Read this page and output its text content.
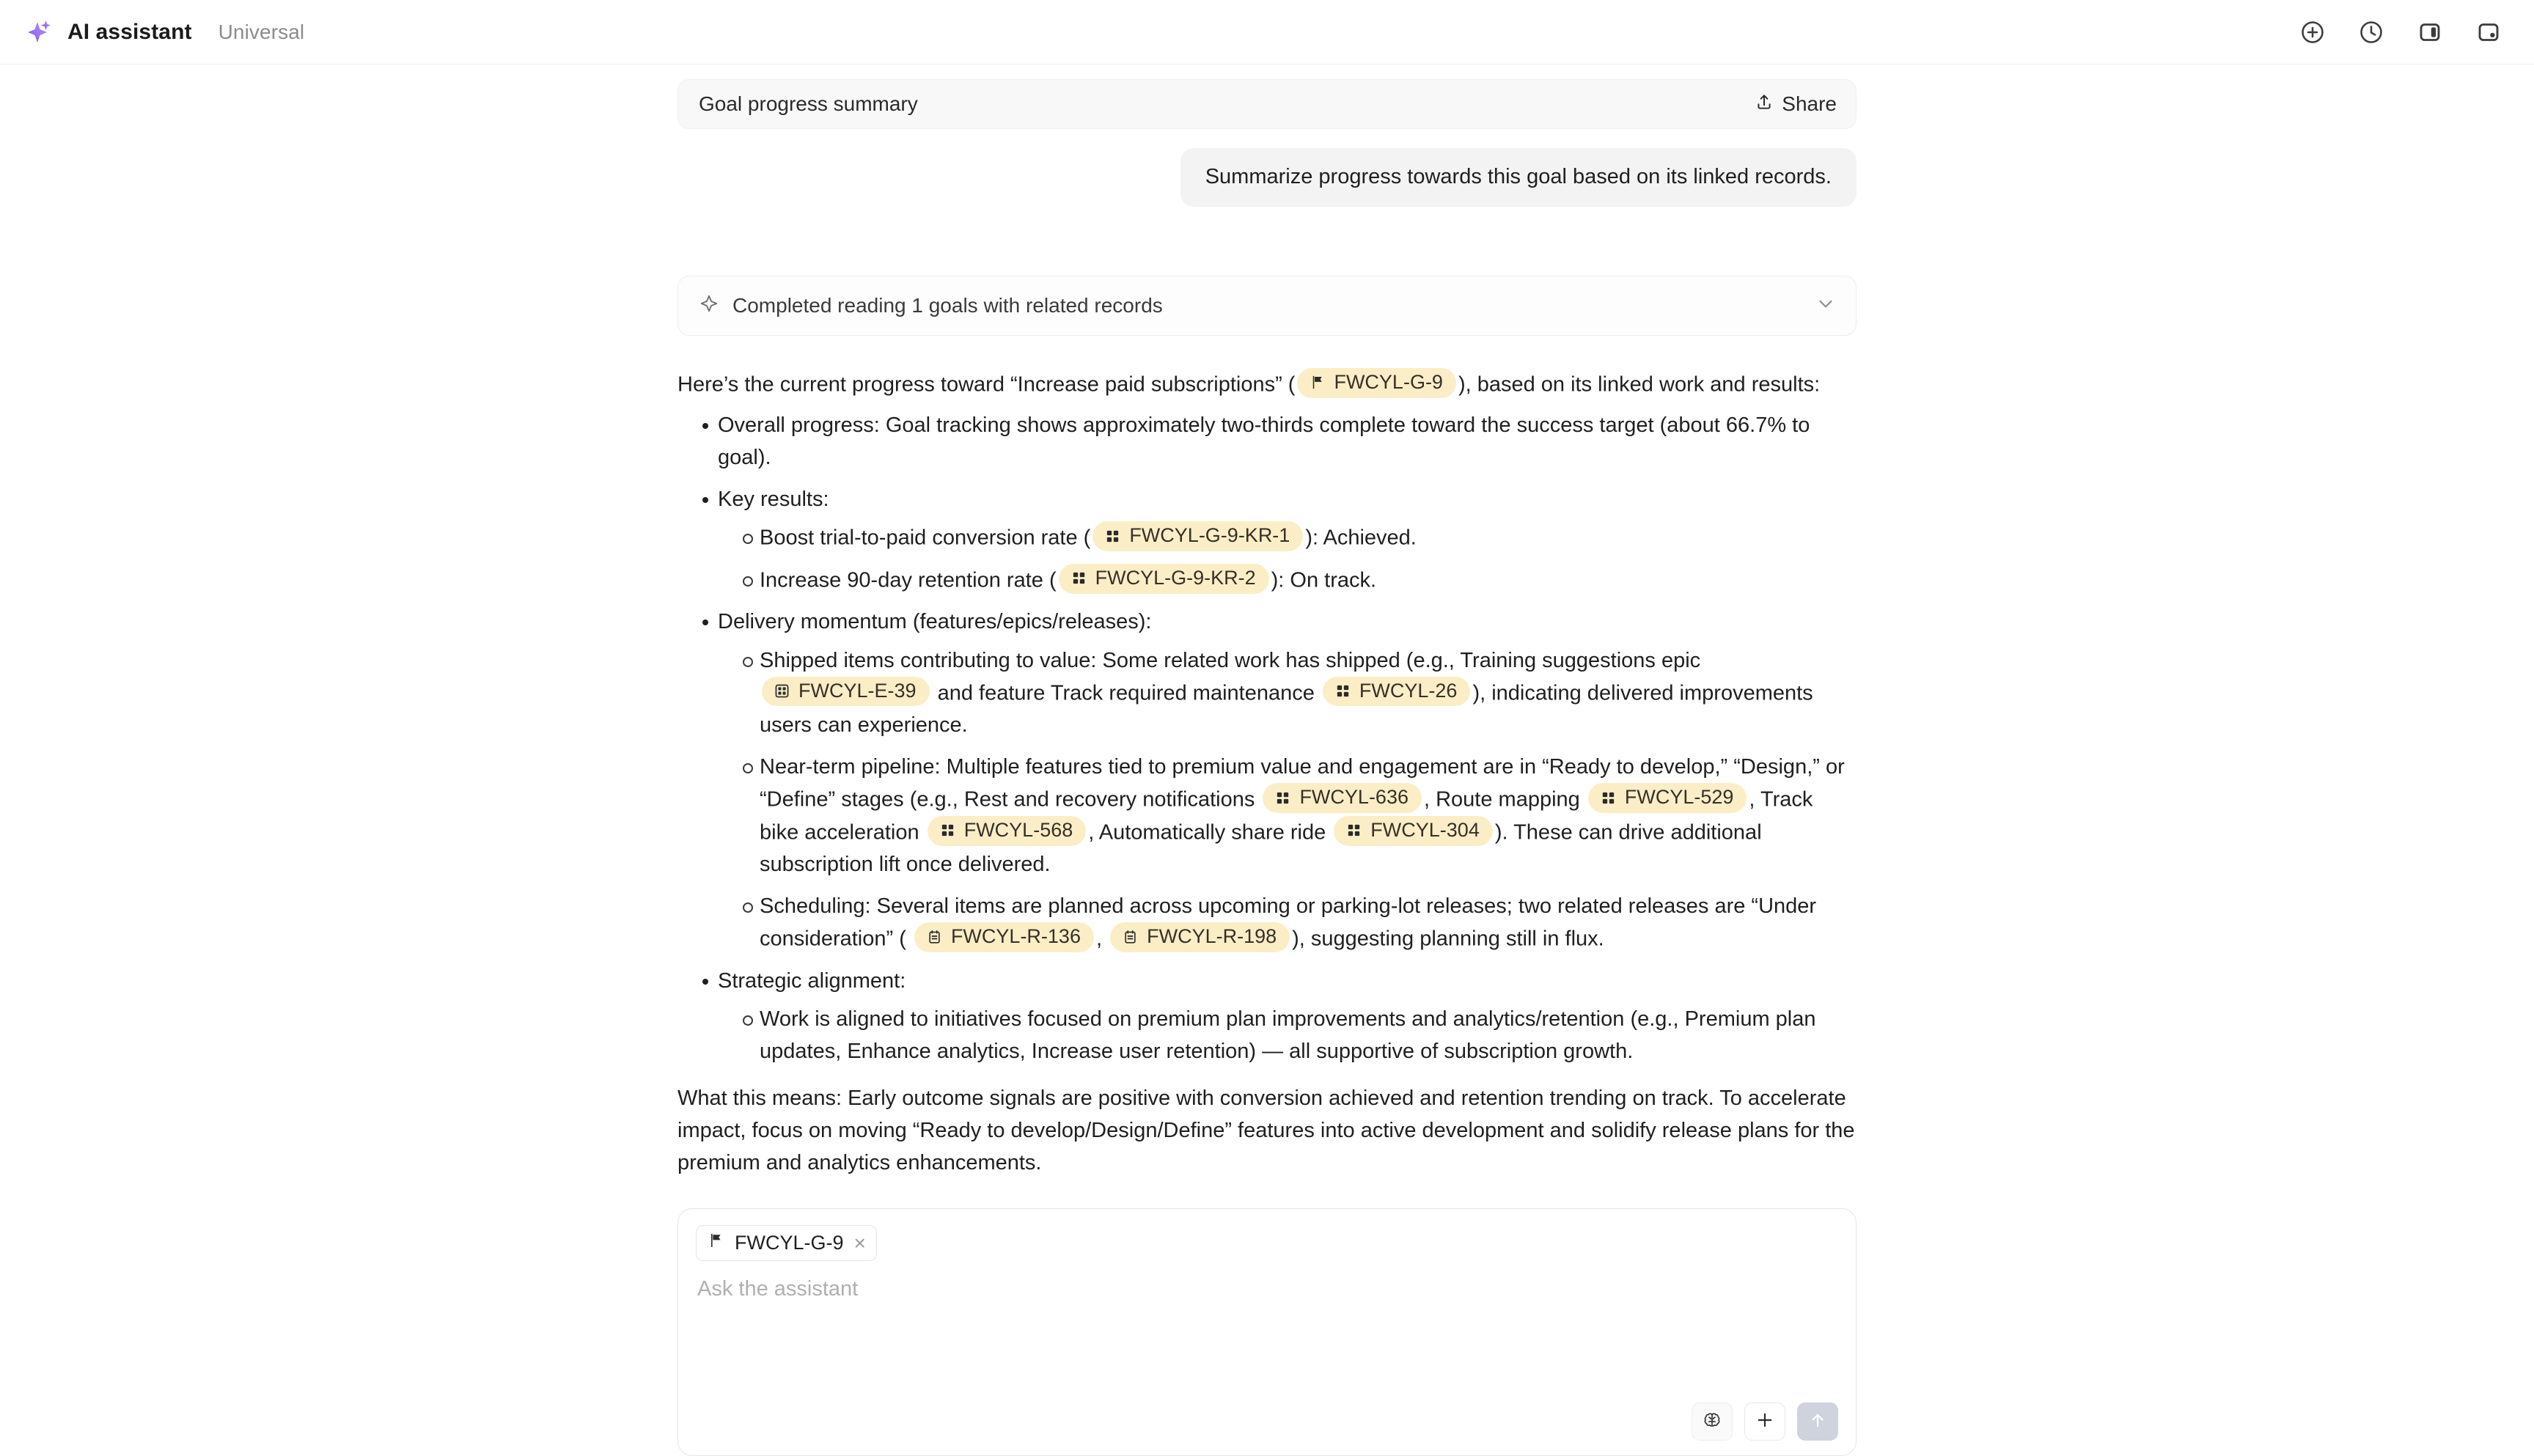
AI assistant Universal
Goal progress summary	Share
Summarize progress towards this goal based on its linked records.
Completed reading 1 goals with related records

Here’s the current progress toward “Increase paid subscriptions” ( FWCYL-G-9 ), based on its linked work and results:

Overall progress: Goal tracking shows approximately two-thirds complete toward the success target (about 66.7% to goal).
Key results:
Boost trial-to-paid conversion rate ( FWCYL-G-9-KR-1 ): Achieved.
Increase 90-day retention rate ( FWCYL-G-9-KR-2 ): On track.
Delivery momentum (features/epics/releases):
Shipped items contributing to value: Some related work has shipped (e.g., Training suggestions epic
FWCYL-E-39 and feature Track required maintenance FWCYL-26 ), indicating delivered improvements users can experience.
Near-term pipeline: Multiple features tied to premium value and engagement are in “Ready to develop,” “Design,” or “Define” stages (e.g., Rest and recovery notifications FWCYL-636 , Route mapping FWCYL-529 , Track bike acceleration FWCYL-568 , Automatically share ride FWCYL-304 ). These can drive additional subscription lift once delivered.
Scheduling: Several items are planned across upcoming or parking-lot releases; two related releases are “Under consideration” ( FWCYL-R-136 , FWCYL-R-198 ), suggesting planning still in flux.
Strategic alignment:
Work is aligned to initiatives focused on premium plan improvements and analytics/retention (e.g., Premium plan updates, Enhance analytics, Increase user retention) — all supportive of subscription growth.

What this means: Early outcome signals are positive with conversion achieved and retention trending on track. To accelerate impact, focus on moving “Ready to develop/Design/Define” features into active development and solidify release plans for the premium and analytics enhancements.

FWCYL-G-9 ×
Ask the assistant
